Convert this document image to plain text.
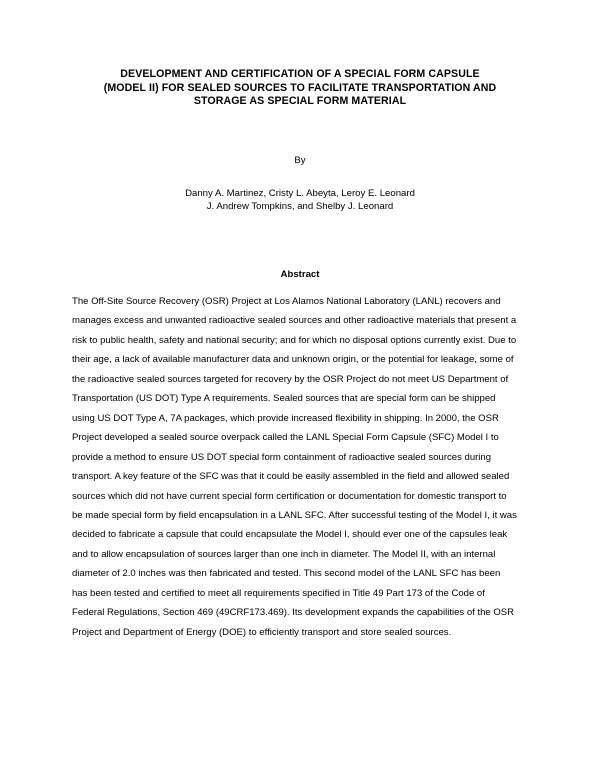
DEVELOPMENT AND CERTIFICATION OF A SPECIAL FORM CAPSULE
(MODEL II) FOR SEALED SOURCES TO FACILITATE TRANSPORTATION AND
STORAGE AS SPECIAL FORM MATERIAL
By
Danny A. Martinez, Cristy L. Abeyta, Leroy E. Leonard
J. Andrew Tompkins, and Shelby J. Leonard
Abstract
The Off-Site Source Recovery (OSR) Project at Los Alamos National Laboratory (LANL) recovers and
manages excess and unwanted radioactive sealed sources and other radioactive materials that present a
risk to public health, safety and national security; and for which no disposal options currently exist. Due to
their age, a lack of available manufacturer data and unknown origin, or the potential for leakage, some of
the radioactive sealed sources targeted for recovery by the OSR Project do not meet US Department of
Transportation (US DOT) Type A requirements. Sealed sources that are special form can be shipped
using US DOT Type A, 7A packages, which provide increased flexibility in shipping. In 2000, the OSR
Project developed a sealed source overpack called the LANL Special Form Capsule (SFC) Model I to
provide a method to ensure US DOT special form containment of radioactive sealed sources during
transport. A key feature of the SFC was that it could be easily assembled in the field and allowed sealed
sources which did not have current special form certification or documentation for domestic transport to
be made special form by field encapsulation in a LANL SFC. After successful testing of the Model I, it was
decided to fabricate a capsule that could encapsulate the Model I, should ever one of the capsules leak
and to allow encapsulation of sources larger than one inch in diameter. The Model II, with an internal
diameter of 2.0 inches was then fabricated and tested. This second model of the LANL SFC has been
has been tested and certified to meet all requirements specified in Title 49 Part 173 of the Code of
Federal Regulations, Section 469 (49CRF173.469). Its development expands the capabilities of the OSR
Project and Department of Energy (DOE) to efficiently transport and store sealed sources.
